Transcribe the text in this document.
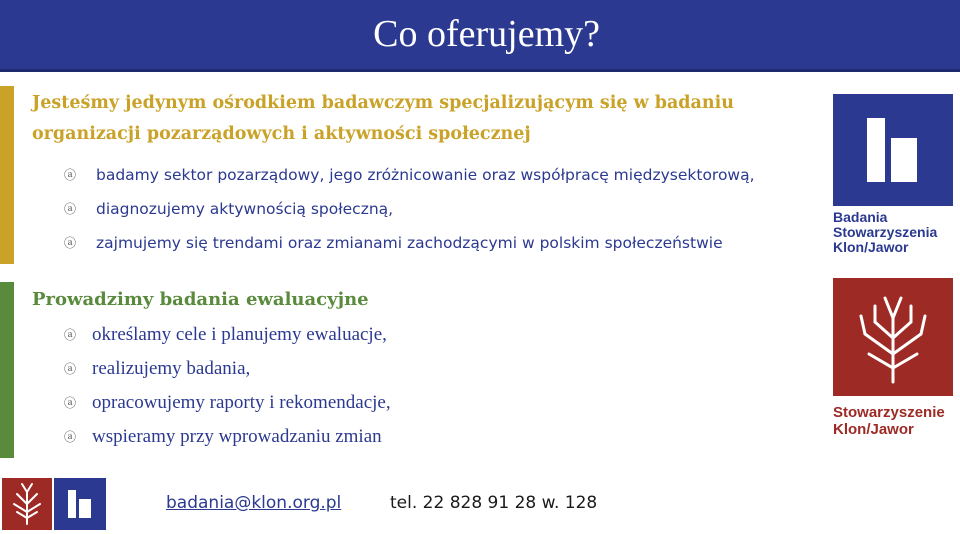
Co oferujemy?
Jesteśmy jedynym ośrodkiem badawczym specjalizującym się w badaniu organizacji pozarządowych i aktywności społecznej
ⓐ	badamy sektor pozarządowy, jego zróżnicowanie oraz współpracę międzysektorową,
ⓐ	diagnozujemy aktywnością społeczną,
ⓐ	zajmujemy się trendami oraz zmianami zachodzącymi w polskim społeczeństwie
Prowadzimy badania ewaluacyjne
ⓐ określamy cele i planujemy ewaluacje,
ⓐ realizujemy badania,
ⓐ opracowujemy raporty i rekomendacje,
ⓐ wspieramy przy wprowadzaniu zmian
Badania
Stowarzyszenia
Klon/Jawor
Stowarzyszenie
Klon/Jawor
badania@klon.org.pl	tel. 22 828 91 28 w. 128
